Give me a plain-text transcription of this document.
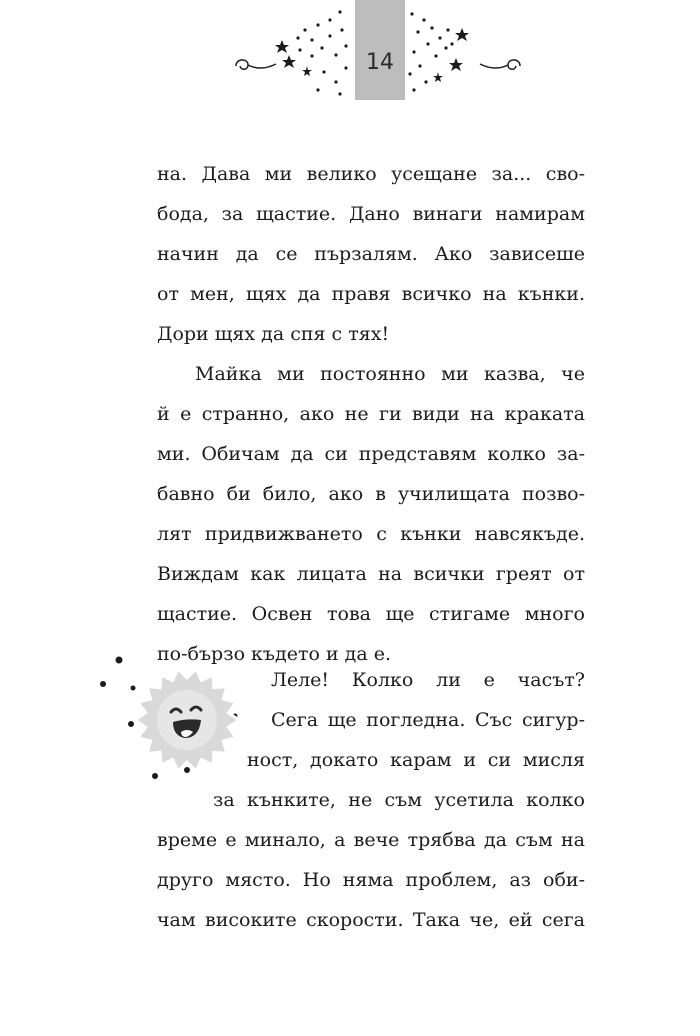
14
на. Дава ми велико усещане за... сво-
бода, за щастие. Дано винаги намирам
начин да се пързалям. Ако зависеше
от мен, щях да правя всичко на кънки.
Дори щях да спя с тях!
Майка ми постоянно ми казва, че
й е странно, ако не ги види на краката
ми. Обичам да си представям колко за-
бавно би било, ако в училищата позво-
лят придвижването с кънки навсякъде.
Виждам как лицата на всички греят от
щастие. Освен това ще стигаме много
по-бързо където и да е.
Леле! Колко ли е часът?
Сега ще погледна. Със сигур-
ност, докато карам и си мисля
за кънките, не съм усетила колко
време е минало, а вече трябва да съм на
друго място. Но няма проблем, аз оби-
чам високите скорости. Така че, ей сега
